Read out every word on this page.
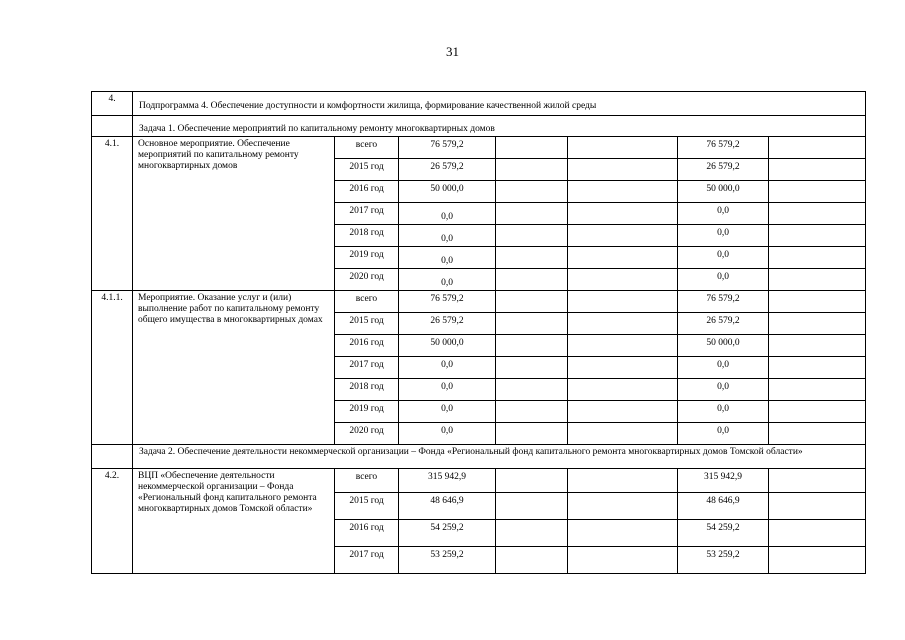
31
4.	Подпрограмма 4. Обеспечение доступности и комфортности жилища, формирование качественной жилой среды						
	Задача 1. Обеспечение мероприятий по капитальному ремонту многоквартирных домов						
4.1.	Основное мероприятие. Обеспечение мероприятий по капитальному ремонту многоквартирных домов	всего	76 579,2			76 579,2	
		2015 год	26 579,2			26 579,2	
		2016 год	50 000,0			50 000,0	
		2017 год	0,0			0,0	
		2018 год	0,0			0,0	
		2019 год	0,0			0,0	
		2020 год	0,0			0,0	
4.1.1.	Мероприятие. Оказание услуг и (или) выполнение работ по капитальному ремонту общего имущества в многоквартирных домах	всего	76 579,2			76 579,2	
		2015 год	26 579,2			26 579,2	
		2016 год	50 000,0			50 000,0	
		2017 год	0,0			0,0	
		2018 год	0,0			0,0	
		2019 год	0,0			0,0	
		2020 год	0,0			0,0	
	Задача 2. Обеспечение деятельности некоммерческой организации – Фонда «Региональный фонд капитального ремонта многоквартирных домов Томской области»						
4.2.	ВЦП «Обеспечение деятельности некоммерческой организации – Фонда «Региональный фонд капитального ремонта многоквартирных домов Томской области»	всего	315 942,9			315 942,9	
		2015 год	48 646,9			48 646,9	
		2016 год	54 259,2			54 259,2	
		2017 год	53 259,2			53 259,2	
